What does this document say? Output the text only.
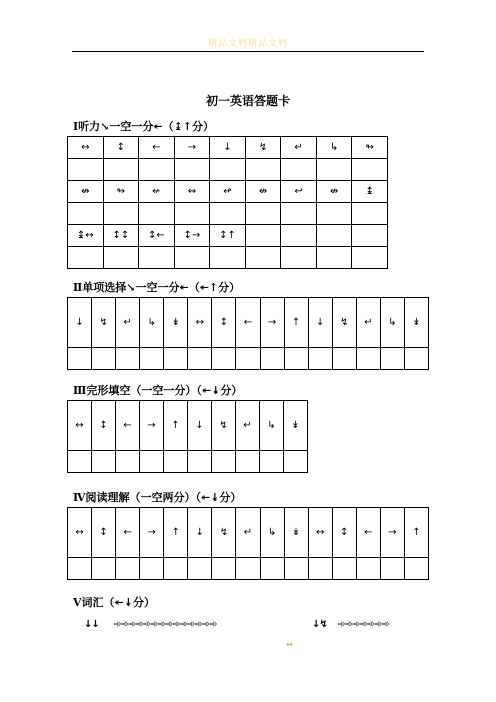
精品文档精品文档
初一英语答题卡
Ⅰ听力↘一空一分↞（↨↑分）
↔	↕	←	→	↓	↯	↵	↳	↬

↮	↬	↚	↭	↫	↮	↩	↮	↨

↨↔	↕↕	↕←	↕→	↕↑				

Ⅱ单项选择↘一空一分↞（↞↑分）
↓	↯	↵	↳	↡	↔	↕	←	→	↑	↓	↯	↵	↳	↡

Ⅲ完形填空（一空一分）（↞↡分）
↔	↕	←	→	↑	↓	↯	↵	↳	↡

Ⅳ阅读理解（一空两分）（↞↡分）
↔	↕	←	→	↑	↓	↯	↵	↳	↡	↔	↕	←	→	↑

Ⅴ词汇（↞↡分）
↓↓ ➾➾➾➾➾➾➾➾➾➾➾➾➾➾	↓↯ ➾➾➾➾➾➾➾
↔
